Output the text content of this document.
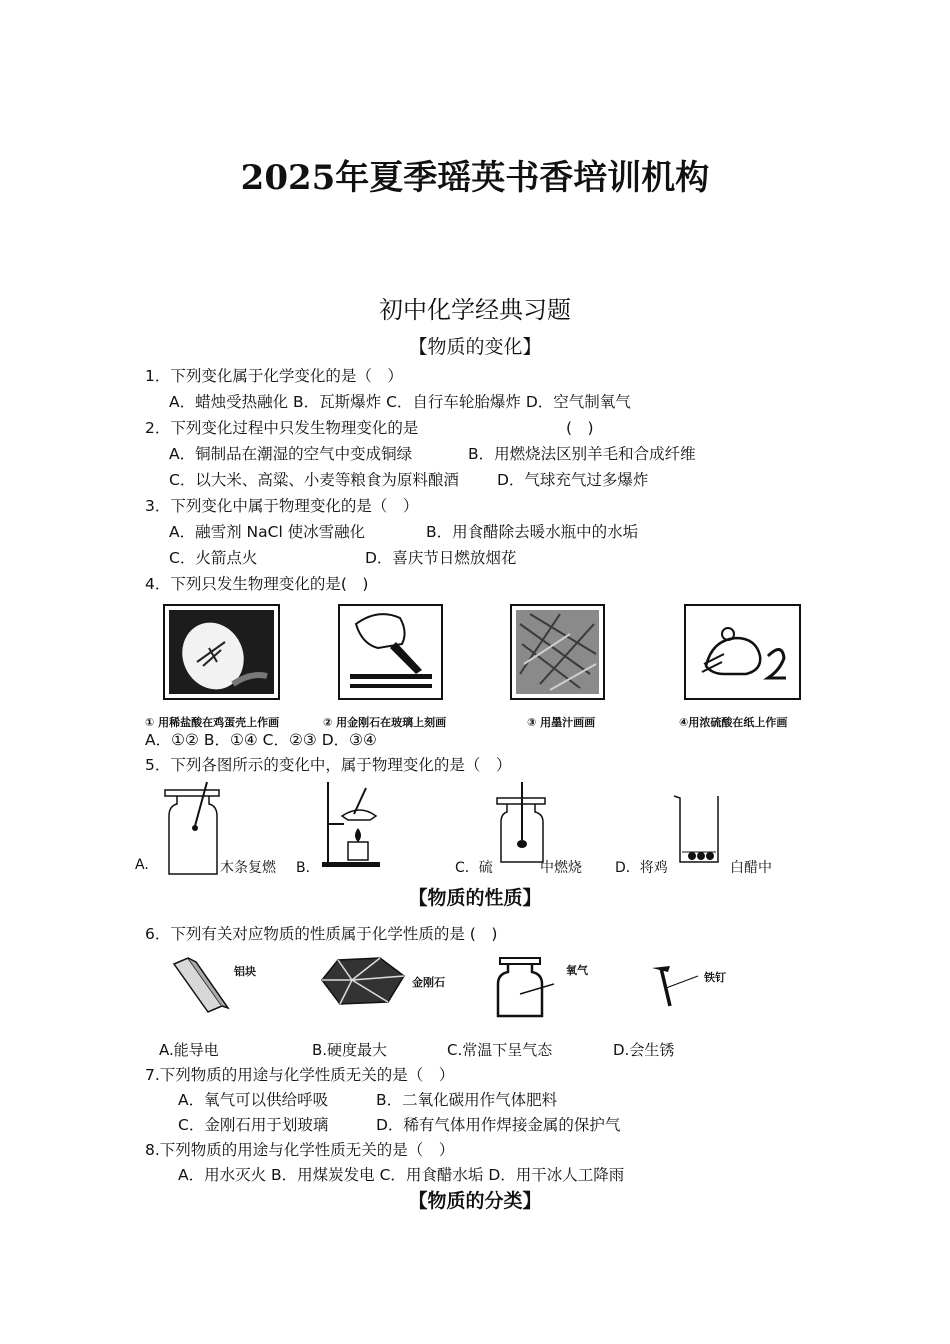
2025年夏季瑶英书香培训机构
初中化学经典习题
【物质的变化】
1．下列变化属于化学变化的是（　）
A．蜡烛受热融化 B．瓦斯爆炸 C．自行车轮胎爆炸 D．空气制氧气
2．下列变化过程中只发生物理变化的是	(　)
A．铜制品在潮湿的空气中变成铜绿	B．用燃烧法区别羊毛和合成纤维
C．以大米、高粱、小麦等粮食为原料酿酒 D．气球充气过多爆炸
3．下列变化中属于物理变化的是（　）
A．融雪剂 NaCl 使冰雪融化	B．用食醋除去暖水瓶中的水垢
C．火箭点火	D．喜庆节日燃放烟花
4．下列只发生物理变化的是(　)
① 用稀盐酸在鸡蛋壳上作画	② 用金刚石在玻璃上刻画	③ 用墨汁画画	④用浓硫酸在纸上作画
A．①② B．①④ C．②③ D．③④
5．下列各图所示的变化中，属于物理变化的是（　）
A.	木条复燃 B．	C．硫	中燃烧 D．将鸡	白醋中
【物质的性质】
6．下列有关对应物质的性质属于化学性质的是 (　)
铝块
金刚石
氧气
铁钉
A.能导电	B.硬度最大	C.常温下呈气态	D.会生锈
7.下列物质的用途与化学性质无关的是（　）
A．氧气可以供给呼吸	B．二氧化碳用作气体肥料
C．金刚石用于划玻璃	D．稀有气体用作焊接金属的保护气
8.下列物质的用途与化学性质无关的是（　）
A．用水灭火 B．用煤炭发电 C．用食醋水垢 D．用干冰人工降雨
【物质的分类】
